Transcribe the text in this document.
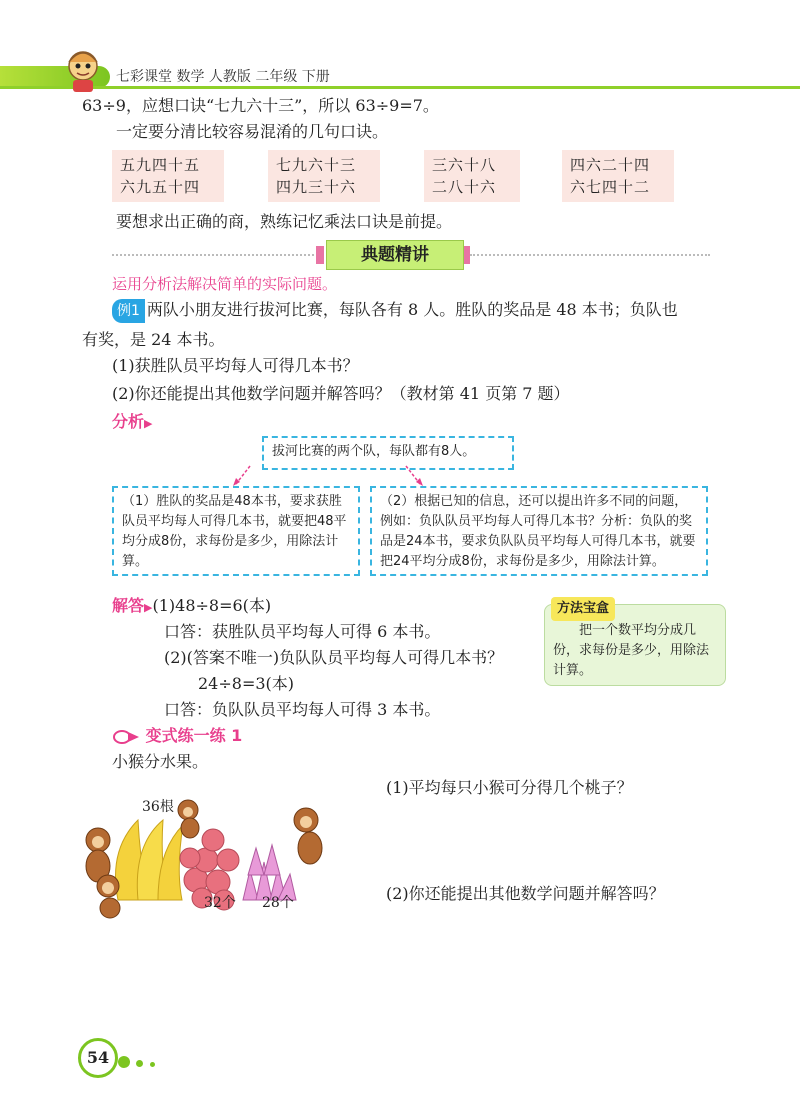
七彩课堂 数学 人教版 二年级 下册
63÷9，应想口诀“七九六十三”，所以 63÷9=7。
一定要分清比较容易混淆的几句口诀。
五九四十五
六九五十四
七九六十三
四九三十六
三六十八
二八十六
四六二十四
六七四十二
要想求出正确的商，熟练记忆乘法口诀是前提。
典题精讲
运用分析法解决简单的实际问题。
例1 两队小朋友进行拔河比赛，每队各有 8 人。胜队的奖品是 48 本书；负队也
有奖，是 24 本书。
(1)获胜队员平均每人可得几本书？
(2)你还能提出其他数学问题并解答吗？（教材第 41 页第 7 题）
分析▶
拔河比赛的两个队，每队都有8人。
（1）胜队的奖品是48本书，要求获胜队员平均每人可得几本书，就要把48平均分成8份，求每份是多少，用除法计算。
（2）根据已知的信息，还可以提出许多不同的问题，例如：负队队员平均每人可得几本书？分析：负队的奖品是24本书，要求负队队员平均每人可得几本书，就要把24平均分成8份，求每份是多少，用除法计算。
解答▶(1)48÷8=6(本)
口答：获胜队员平均每人可得 6 本书。
(2)(答案不唯一)负队队员平均每人可得几本书？
24÷8=3(本)
口答：负队队员平均每人可得 3 本书。
方法宝盒
把一个数平均分成几份，求每份是多少，用除法计算。
变式练一练 1
小猴分水果。
(1)平均每只小猴可分得几个桃子？
(2)你还能提出其他数学问题并解答吗？
36根
32个 28个
54
